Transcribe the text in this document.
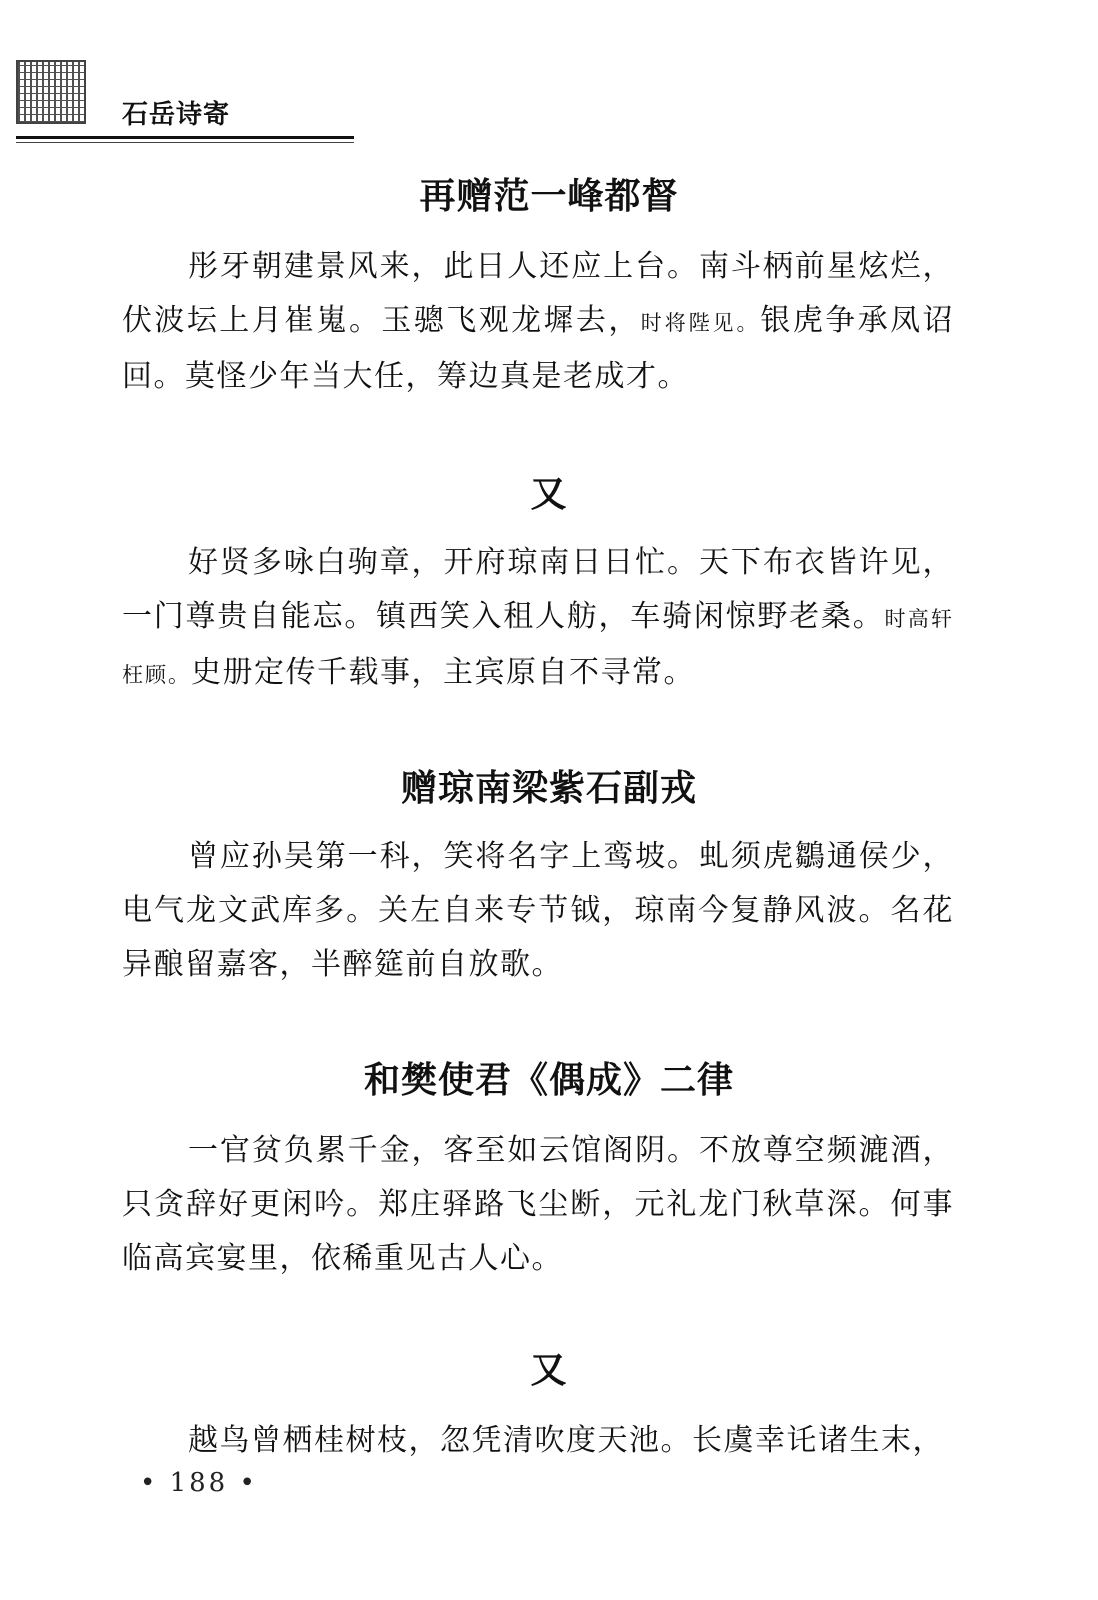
石岳诗寄
再赠范一峰都督

彤牙朝建景风来，此日人还应上台。南斗柄前星炫烂，伏波坛上月崔嵬。玉骢飞观龙墀去，时将陛见。银虎争承凤诏回。莫怪少年当大任，筹边真是老成才。

又

好贤多咏白驹章，开府琼南日日忙。天下布衣皆许见，一门尊贵自能忘。镇西笑入租人舫，车骑闲惊野老桑。时高轩枉顾。史册定传千载事，主宾原自不寻常。

赠琼南梁紫石副戎

曾应孙吴第一科，笑将名字上鸾坡。虬须虎鶵通侯少，电气龙文武库多。关左自来专节钺，琼南今复静风波。名花异酿留嘉客，半醉筵前自放歌。

和樊使君《偶成》二律

一官贫负累千金，客至如云馆阁阴。不放尊空频漉酒，只贪辞好更闲吟。郑庄驿路飞尘断，元礼龙门秋草深。何事临高宾宴里，依稀重见古人心。

又

越鸟曾栖桂树枝，忽凭清吹度天池。长虞幸讬诸生末，

• 188 •
